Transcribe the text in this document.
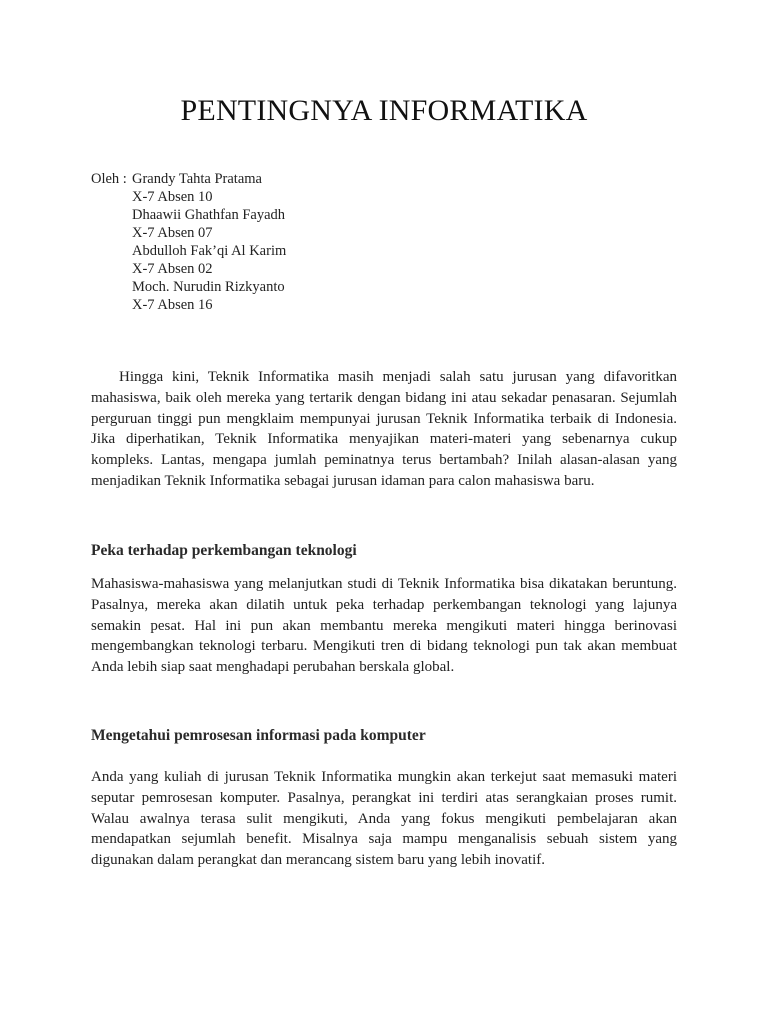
PENTINGNYA INFORMATIKA
Oleh : Grandy Tahta Pratama
X-7 Absen 10
Dhaawii Ghathfan Fayadh
X-7 Absen 07
Abdulloh Fak’qi Al Karim
X-7 Absen 02
Moch. Nurudin Rizkyanto
X-7 Absen 16

Hingga kini, Teknik Informatika masih menjadi salah satu jurusan yang difavoritkan mahasiswa, baik oleh mereka yang tertarik dengan bidang ini atau sekadar penasaran. Sejumlah perguruan tinggi pun mengklaim mempunyai jurusan Teknik Informatika terbaik di Indonesia. Jika diperhatikan, Teknik Informatika menyajikan materi-materi yang sebenarnya cukup kompleks. Lantas, mengapa jumlah peminatnya terus bertambah? Inilah alasan-alasan yang menjadikan Teknik Informatika sebagai jurusan idaman para calon mahasiswa baru.

Peka terhadap perkembangan teknologi

Mahasiswa-mahasiswa yang melanjutkan studi di Teknik Informatika bisa dikatakan beruntung. Pasalnya, mereka akan dilatih untuk peka terhadap perkembangan teknologi yang lajunya semakin pesat. Hal ini pun akan membantu mereka mengikuti materi hingga berinovasi mengembangkan teknologi terbaru. Mengikuti tren di bidang teknologi pun tak akan membuat Anda lebih siap saat menghadapi perubahan berskala global.

Mengetahui pemrosesan informasi pada komputer

Anda yang kuliah di jurusan Teknik Informatika mungkin akan terkejut saat memasuki materi seputar pemrosesan komputer. Pasalnya, perangkat ini terdiri atas serangkaian proses rumit. Walau awalnya terasa sulit mengikuti, Anda yang fokus mengikuti pembelajaran akan mendapatkan sejumlah benefit. Misalnya saja mampu menganalisis sebuah sistem yang digunakan dalam perangkat dan merancang sistem baru yang lebih inovatif.
